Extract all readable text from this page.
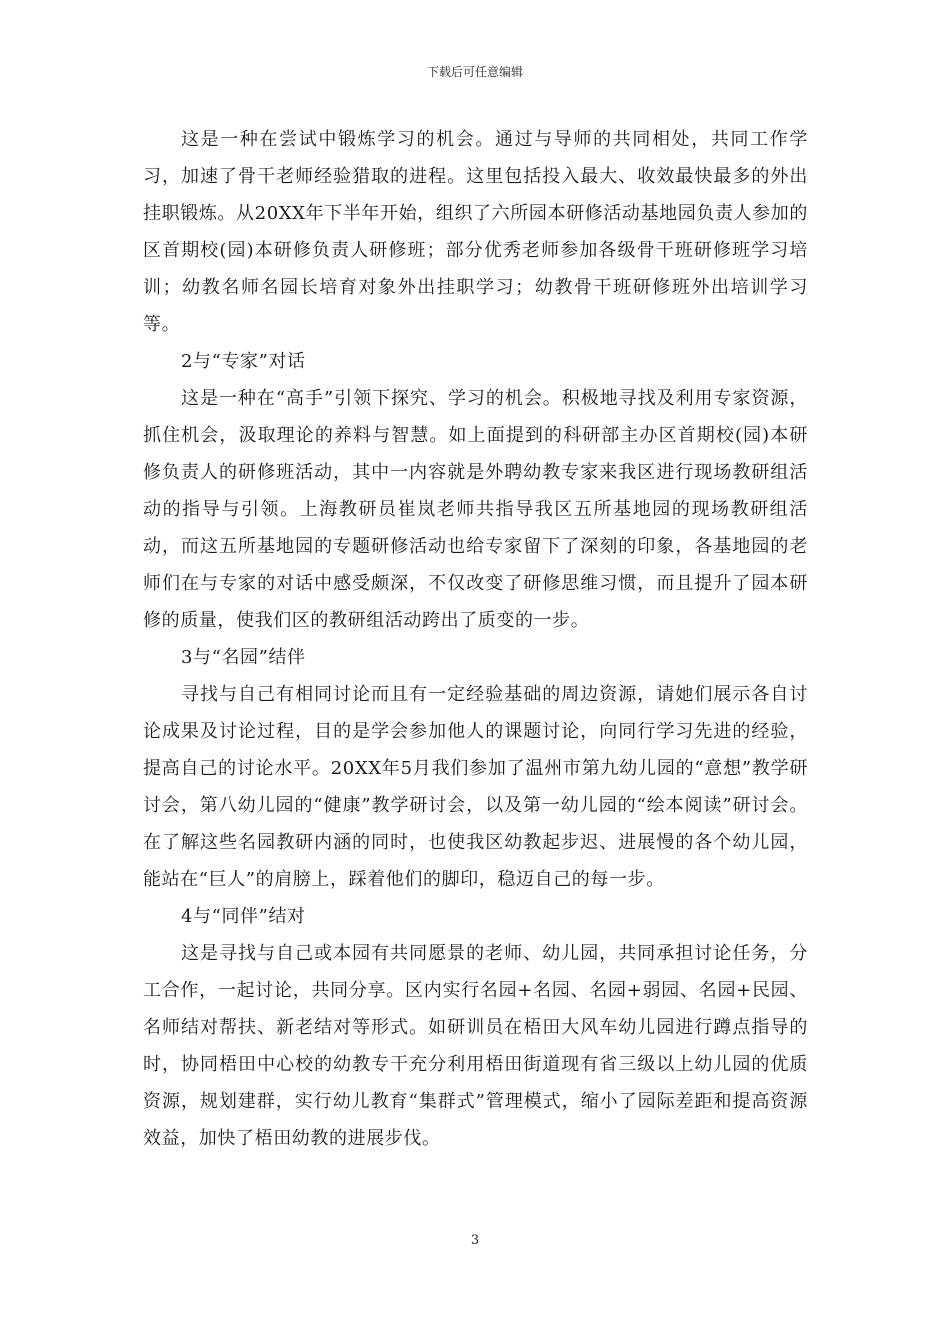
下载后可任意编辑

这是一种在尝试中锻炼学习的机会。通过与导师的共同相处，共同工作学习，加速了骨干老师经验猎取的进程。这里包括投入最大、收效最快最多的外出挂职锻炼。从20XX年下半年开始，组织了六所园本研修活动基地园负责人参加的区首期校(园)本研修负责人研修班；部分优秀老师参加各级骨干班研修班学习培训；幼教名师名园长培育对象外出挂职学习；幼教骨干班研修班外出培训学习等。

2与“专家”对话

这是一种在“高手”引领下探究、学习的机会。积极地寻找及利用专家资源，抓住机会，汲取理论的养料与智慧。如上面提到的科研部主办区首期校(园)本研修负责人的研修班活动，其中一内容就是外聘幼教专家来我区进行现场教研组活动的指导与引领。上海教研员崔岚老师共指导我区五所基地园的现场教研组活动，而这五所基地园的专题研修活动也给专家留下了深刻的印象，各基地园的老师们在与专家的对话中感受颇深，不仅改变了研修思维习惯，而且提升了园本研修的质量，使我们区的教研组活动跨出了质变的一步。

3与“名园”结伴

寻找与自己有相同讨论而且有一定经验基础的周边资源，请她们展示各自讨论成果及讨论过程，目的是学会参加他人的课题讨论，向同行学习先进的经验，提高自己的讨论水平。20XX年5月我们参加了温州市第九幼儿园的“意想”教学研讨会，第八幼儿园的“健康”教学研讨会，以及第一幼儿园的“绘本阅读”研讨会。在了解这些名园教研内涵的同时，也使我区幼教起步迟、进展慢的各个幼儿园，能站在“巨人”的肩膀上，踩着他们的脚印，稳迈自己的每一步。

4与“同伴”结对

这是寻找与自己或本园有共同愿景的老师、幼儿园，共同承担讨论任务，分工合作，一起讨论，共同分享。区内实行名园+名园、名园+弱园、名园+民园、名师结对帮扶、新老结对等形式。如研训员在梧田大风车幼儿园进行蹲点指导的时，协同梧田中心校的幼教专干充分利用梧田街道现有省三级以上幼儿园的优质资源，规划建群，实行幼儿教育“集群式”管理模式，缩小了园际差距和提高资源效益，加快了梧田幼教的进展步伐。

3
